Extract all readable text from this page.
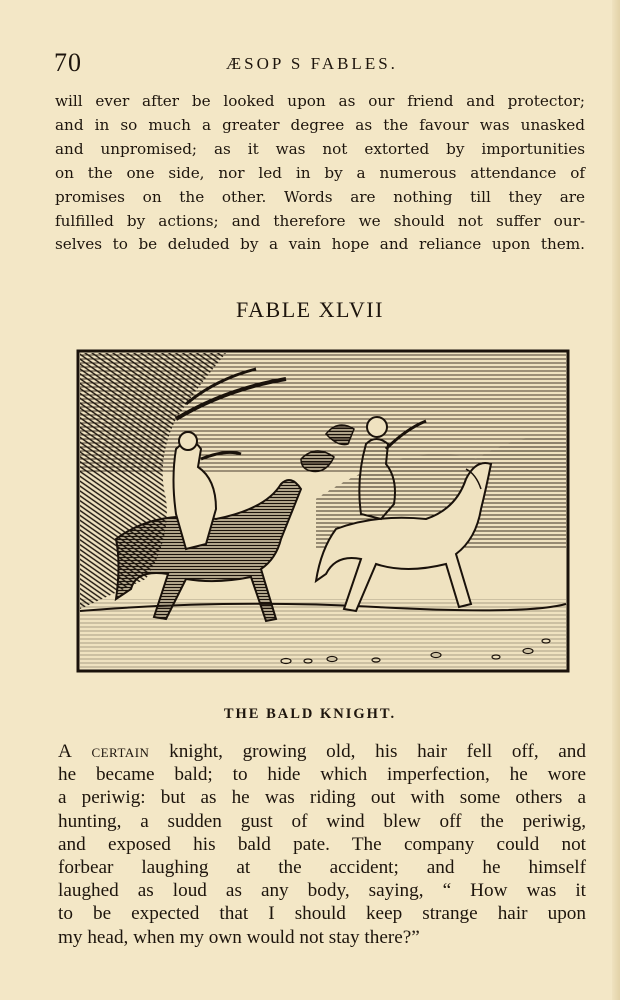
70	ÆSOP S FABLES.
will ever after be looked upon as our friend and protector;
and in so much a greater degree as the favour was unasked
and unpromised; as it was not extorted by importunities
on the one side, nor led in by a numerous attendance of
promises on the other. Words are nothing till they are
fulfilled by actions; and therefore we should not suffer our-
selves to be deluded by a vain hope and reliance upon them.
FABLE XLVII
THE BALD KNIGHT.
A certain knight, growing old, his hair fell off, and
he became bald; to hide which imperfection, he wore
a periwig: but as he was riding out with some others a
hunting, a sudden gust of wind blew off the periwig,
and exposed his bald pate. The company could not
forbear laughing at the accident; and he himself
laughed as loud as any body, saying, “ How was it
to be expected that I should keep strange hair upon
my head, when my own would not stay there?”
